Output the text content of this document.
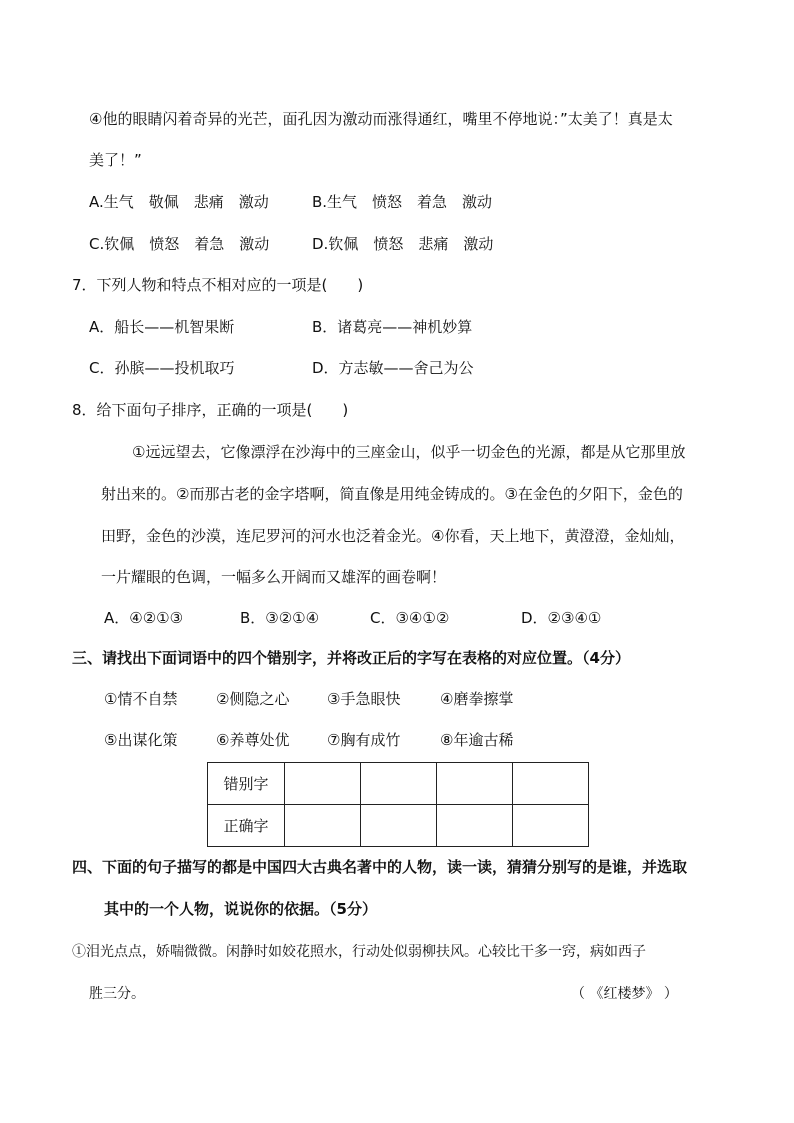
④他的眼睛闪着奇异的光芒，面孔因为激动而涨得通红，嘴里不停地说：”太美了！真是太
美了！”
A.生气　敬佩　悲痛　激动	B.生气　愤怒　着急　激动
C.钦佩　愤怒　着急　激动	D.钦佩　愤怒　悲痛　激动
7．下列人物和特点不相对应的一项是(　　)
A．船长——机智果断	B．诸葛亮——神机妙算
C．孙膑——投机取巧	D．方志敏——舍己为公
8．给下面句子排序，正确的一项是(　　)
①远远望去，它像漂浮在沙海中的三座金山，似乎一切金色的光源，都是从它那里放
射出来的。②而那古老的金字塔啊，简直像是用纯金铸成的。③在金色的夕阳下，金色的
田野，金色的沙漠，连尼罗河的河水也泛着金光。④你看，天上地下，黄澄澄，金灿灿，
一片耀眼的色调，一幅多么开阔而又雄浑的画卷啊！
A．④②①③	B．③②①④	C．③④①②	D．②③④①
三、请找出下面词语中的四个错别字，并将改正后的字写在表格的对应位置。（4分）
①情不自禁	②侧隐之心	③手急眼快	④磨拳擦掌
⑤出谋化策	⑥养尊处优	⑦胸有成竹	⑧年逾古稀
错别字				
正确字				
四、下面的句子描写的都是中国四大古典名著中的人物，读一读，猜猜分别写的是谁，并选取
其中的一个人物，说说你的依据。（5分）
①泪光点点，娇喘微微。闲静时如姣花照水，行动处似弱柳扶风。心较比干多一窍，病如西子
胜三分。	（ 《红楼梦》 ）
